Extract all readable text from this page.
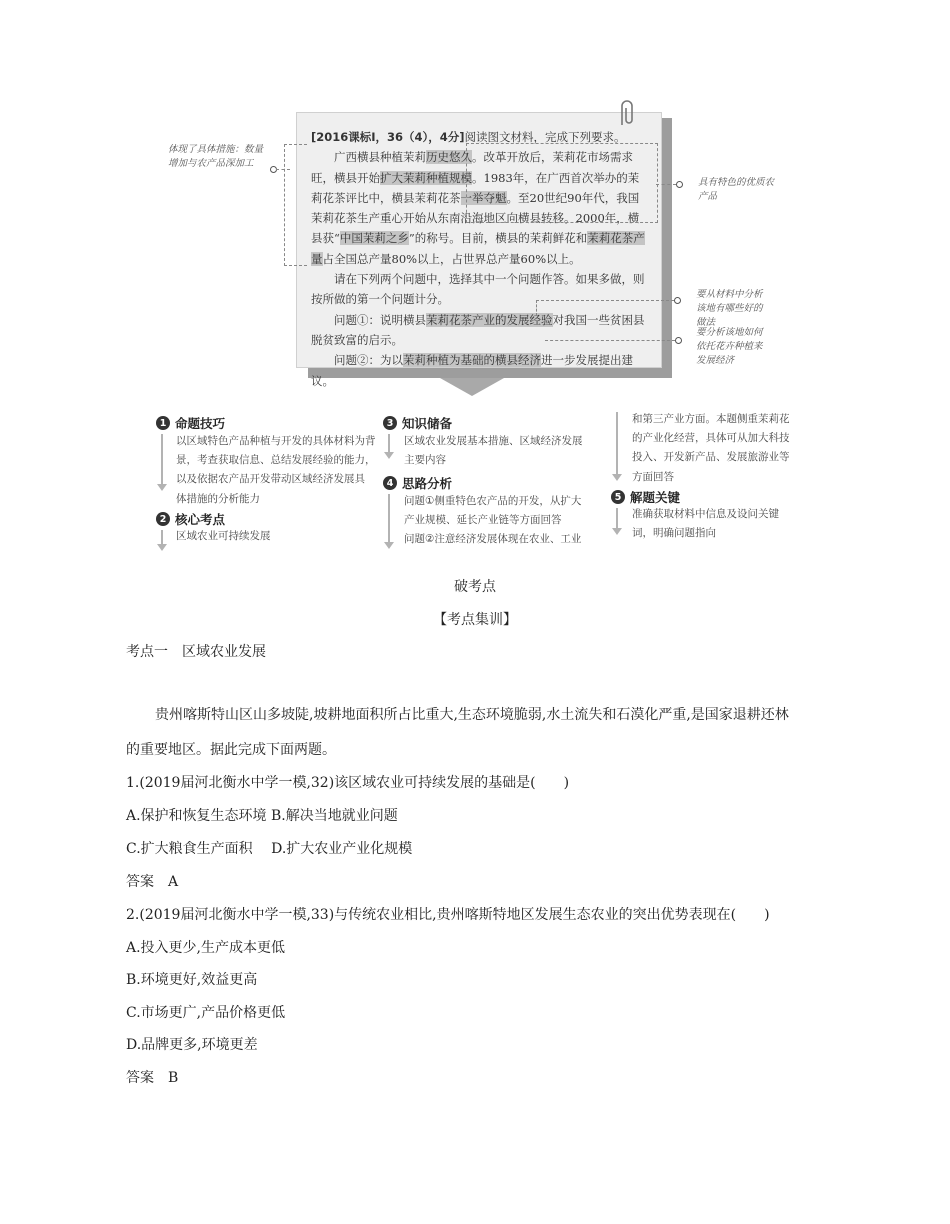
[2016课标Ⅰ，36（4），4分]阅读图文材料，完成下列要求。

广西横县种植茉莉历史悠久。改革开放后，茉莉花市场需求旺，横县开始扩大茉莉种植规模。1983年，在广西首次举办的茉莉花茶评比中，横县茉莉花茶一举夺魁。至20世纪90年代，我国茉莉花茶生产重心开始从东南沿海地区向横县转移。2000年，横县获“中国茉莉之乡”的称号。目前，横县的茉莉鲜花和茉莉花茶产量占全国总产量80%以上，占世界总产量60%以上。

请在下列两个问题中，选择其中一个问题作答。如果多做，则按所做的第一个问题计分。

问题①：说明横县茉莉花茶产业的发展经验对我国一些贫困县脱贫致富的启示。

问题②：为以茉莉种植为基础的横县经济进一步发展提出建议。

体现了具体措施：数量增加与农产品深加工
具有特色的优质农产品
要从材料中分析该地有哪些好的做法
要分析该地如何依托花卉种植来发展经济
1 命题技巧
以区域特色产品种植与开发的具体材料为背
景，考查获取信息、总结发展经验的能力，
以及依据农产品开发带动区域经济发展具
体措施的分析能力
2 核心考点
区域农业可持续发展
3 知识储备
区域农业发展基本措施、区域经济发展
主要内容
4 思路分析
问题①侧重特色农产品的开发，从扩大
产业规模、延长产业链等方面回答
问题②注意经济发展体现在农业、工业
和第三产业方面。本题侧重茉莉花
的产业化经营，具体可从加大科技
投入、开发新产品、发展旅游业等
方面回答
5 解题关键
准确获取材料中信息及设问关键
词，明确问题指向
破考点
【考点集训】
考点一　区域农业发展
贵州喀斯特山区山多坡陡,坡耕地面积所占比重大,生态环境脆弱,水土流失和石漠化严重,是国家退耕还林
的重要地区。据此完成下面两题。
1.(2019届河北衡水中学一模,32)该区域农业可持续发展的基础是(　　)
A.保护和恢复生态环境 B.解决当地就业问题
C.扩大粮食生产面积　 D.扩大农业产业化规模
答案　A
2.(2019届河北衡水中学一模,33)与传统农业相比,贵州喀斯特地区发展生态农业的突出优势表现在(　　)
A.投入更少,生产成本更低
B.环境更好,效益更高
C.市场更广,产品价格更低
D.品牌更多,环境更差
答案　B
